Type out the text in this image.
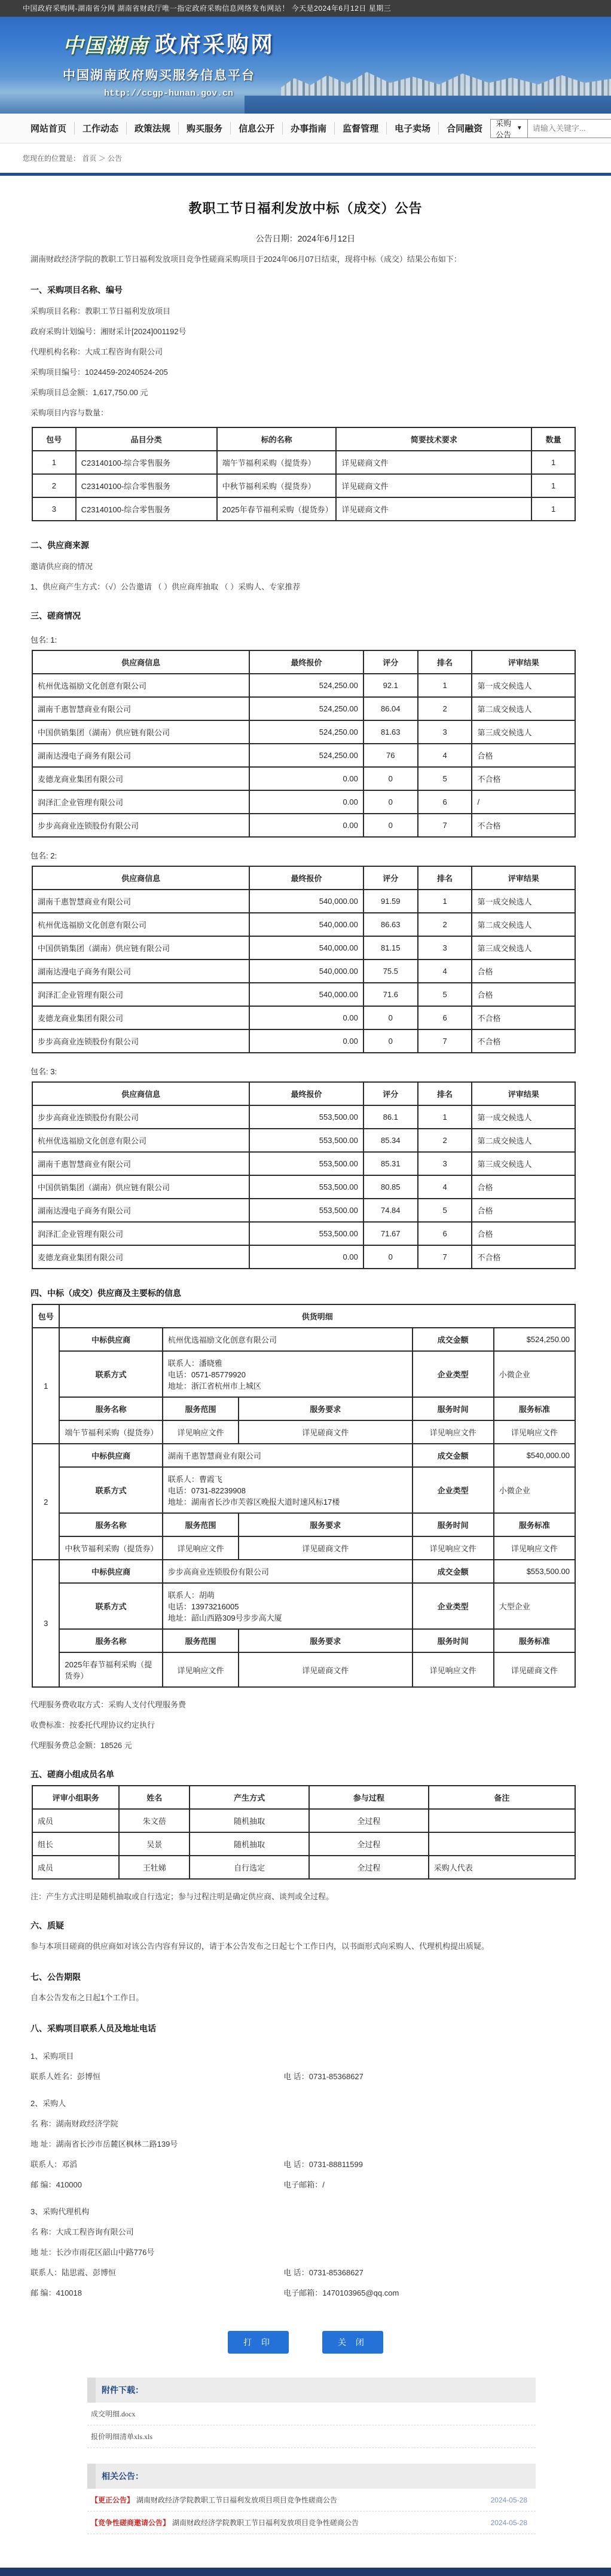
中国政府采购网-湖南省分网 湖南省财政厅唯一指定政府采购信息网络发布网站！ 今天是2024年6月12日 星期三
中国湖南 政府采购网
中国湖南政府购买服务信息平台
http://ccgp-hunan.gov.cn
网站首页	工作动态	政策法规	购买服务	信息公开	办事指南	监督管理	电子卖场	合同融资
采购公告
▼
请输入关键字...
您现在的位置是： 首页 ＞ 公告
教职工节日福利发放中标（成交）公告
公告日期：2024年6月12日

湖南财政经济学院的教职工节日福利发放项目竞争性磋商采购项目于2024年06月07日结束，现将中标（成交）结果公布如下：

一、采购项目名称、编号

采购项目名称：教职工节日福利发放项目

政府采购计划编号：湘财采计[2024]001192号

代理机构名称：大成工程咨询有限公司

采购项目编号：1024459-20240524-205

采购项目总金额：1,617,750.00 元

采购项目内容与数量：

包号	品目分类	标的名称	简要技术要求	数量
1	C23140100-综合零售服务	端午节福利采购（提货券）	详见磋商文件	1
2	C23140100-综合零售服务	中秋节福利采购（提货券）	详见磋商文件	1
3	C23140100-综合零售服务	2025年春节福利采购（提货券）	详见磋商文件	1
二、供应商来源

邀请供应商的情况

1、供应商产生方式：（√）公告邀请 （ ）供应商库抽取 （ ）采购人、专家推荐

三、磋商情况
包名: 1:
供应商信息	最终报价	评分	排名	评审结果
杭州优选福励文化创意有限公司	524,250.00	92.1	1	第一成交候选人
湖南千惠智慧商业有限公司	524,250.00	86.04	2	第二成交候选人
中国供销集团（湖南）供应链有限公司	524,250.00	81.63	3	第三成交候选人
湖南达漫电子商务有限公司	524,250.00	76	4	合格
麦德龙商业集团有限公司	0.00	0	5	不合格
润泽汇企业管理有限公司	0.00	0	6	/
步步高商业连锁股份有限公司	0.00	0	7	不合格
包名: 2:
供应商信息	最终报价	评分	排名	评审结果
湖南千惠智慧商业有限公司	540,000.00	91.59	1	第一成交候选人
杭州优选福励文化创意有限公司	540,000.00	86.63	2	第二成交候选人
中国供销集团（湖南）供应链有限公司	540,000.00	81.15	3	第三成交候选人
湖南达漫电子商务有限公司	540,000.00	75.5	4	合格
润泽汇企业管理有限公司	540,000.00	71.6	5	合格
麦德龙商业集团有限公司	0.00	0	6	不合格
步步高商业连锁股份有限公司	0.00	0	7	不合格
包名: 3:
供应商信息	最终报价	评分	排名	评审结果
步步高商业连锁股份有限公司	553,500.00	86.1	1	第一成交候选人
杭州优选福励文化创意有限公司	553,500.00	85.34	2	第二成交候选人
湖南千惠智慧商业有限公司	553,500.00	85.31	3	第三成交候选人
中国供销集团（湖南）供应链有限公司	553,500.00	80.85	4	合格
湖南达漫电子商务有限公司	553,500.00	74.84	5	合格
润泽汇企业管理有限公司	553,500.00	71.67	6	合格
麦德龙商业集团有限公司	0.00	0	7	不合格
四、中标（成交）供应商及主要标的信息
包号	供货明细				
1	中标供应商	杭州优选福励文化创意有限公司		成交金额	$524,250.00
	联系方式	联系人：潘晓雅
电话：0571-85779920
地址：浙江省杭州市上城区		企业类型	小微企业
	服务名称	服务范围	服务要求	服务时间	服务标准
	端午节福利采购（提货券）	详见响应文件	详见磋商文件	详见响应文件	详见响应文件
2	中标供应商	湖南千惠智慧商业有限公司		成交金额	$540,000.00
	联系方式	联系人：曹霞飞
电话：0731-82239908
地址：湖南省长沙市芙蓉区晚报大道时速风标17楼		企业类型	小微企业
	服务名称	服务范围	服务要求	服务时间	服务标准
	中秋节福利采购（提货券）	详见响应文件	详见磋商文件	详见响应文件	详见响应文件
3	中标供应商	步步高商业连锁股份有限公司		成交金额	$553,500.00
	联系方式	联系人：胡萌
电话：13973216005
地址：韶山西路309号步步高大厦		企业类型	大型企业
	服务名称	服务范围	服务要求	服务时间	服务标准
	2025年春节福利采购（提货券）	详见响应文件	详见磋商文件	详见响应文件	详见磋商文件

代理服务费收取方式：采购人支付代理服务费

收费标准：按委托代理协议约定执行

代理服务费总金额：18526 元

五、磋商小组成员名单
评审小组职务	姓名	产生方式	参与过程	备注
成员	朱文蓓	随机抽取	全过程	
组长	吴景	随机抽取	全过程	
成员	王牡娣	自行选定	全过程	采购人代表

注：产生方式注明是随机抽取或自行选定；参与过程注明是确定供应商、谈判或全过程。

六、质疑

参与本项目磋商的供应商如对该公告内容有异议的，请于本公告发布之日起七个工作日内，以书面形式向采购人、代理机构提出质疑。

七、公告期限

自本公告发布之日起1个工作日。

八、采购项目联系人员及地址电话
1、采购项目
联系人姓名：彭博恒	电 话：0731-85368627
2、采购人
名 称：湖南财政经济学院
地 址：湖南省长沙市岳麓区枫林二路139号
联系人：邓滔	电 话：0731-88811599
邮 编：410000	电子邮箱：/
3、采购代理机构
名 称：大成工程咨询有限公司
地 址：长沙市雨花区韶山中路776号
联系人：陆思霞、彭博恒	电 话：0731-85368627
邮 编：410018	电子邮箱：1470103965@qq.com
打 印	关 闭
附件下载：
成交明细.docx
报价明细清单xls.xls
相关公告：
【更正公告】 湖南财政经济学院教职工节日福利发放项目项目竞争性磋商公告	2024-05-28
【竞争性磋商邀请公告】 湖南财政经济学院教职工节日福利发放项目竞争性磋商公告	2024-05-28
